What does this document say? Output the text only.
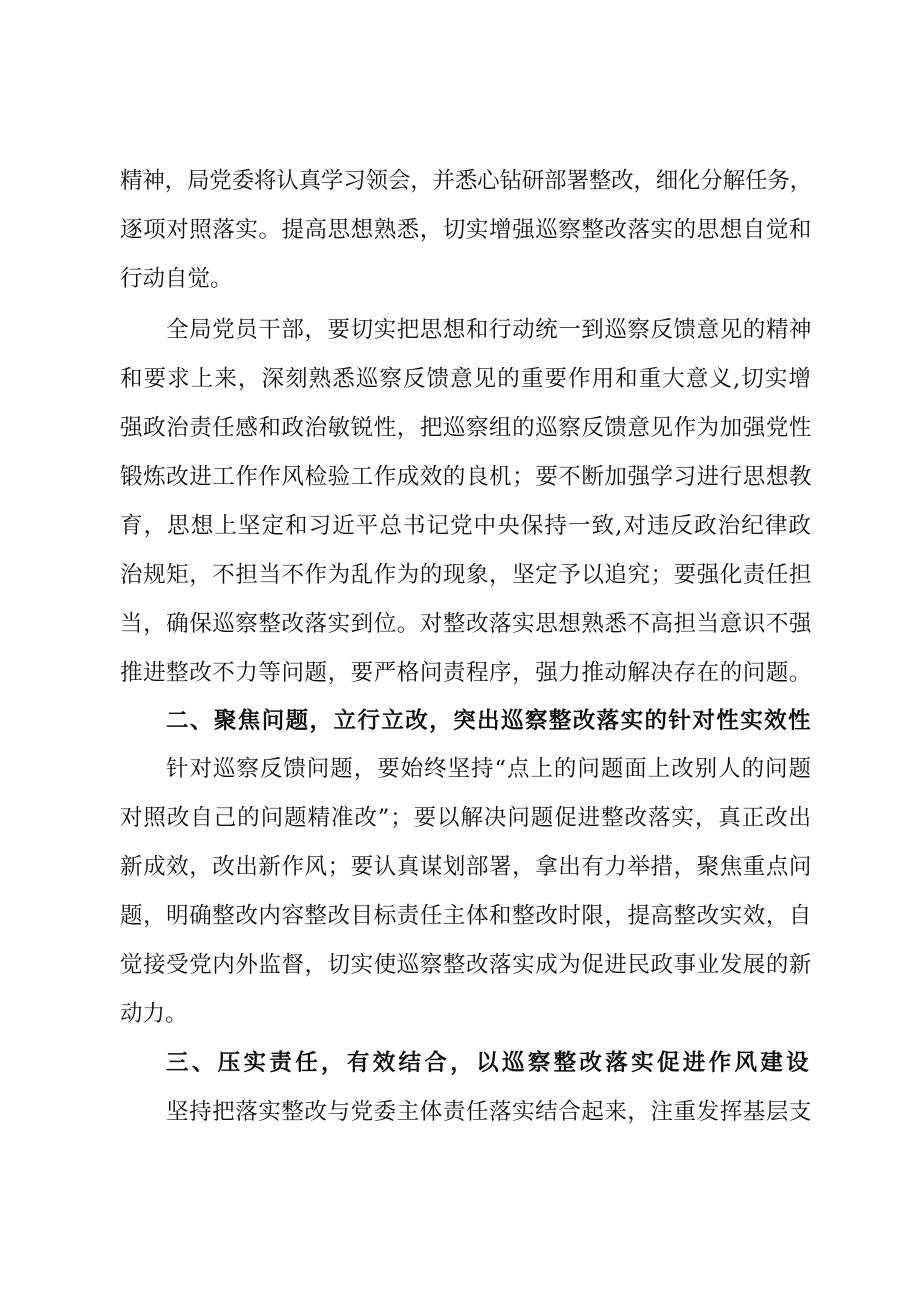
精神，局党委将认真学习领会，并悉心钻研部署整改，细化分解任务，
逐项对照落实。提高思想熟悉，切实增强巡察整改落实的思想自觉和
行动自觉。
全局党员干部，要切实把思想和行动统一到巡察反馈意见的精神
和要求上来，深刻熟悉巡察反馈意见的重要作用和重大意义,切实增
强政治责任感和政治敏锐性，把巡察组的巡察反馈意见作为加强党性
锻炼改进工作作风检验工作成效的良机；要不断加强学习进行思想教
育，思想上坚定和习近平总书记党中央保持一致,对违反政治纪律政
治规矩，不担当不作为乱作为的现象，坚定予以追究；要强化责任担
当，确保巡察整改落实到位。对整改落实思想熟悉不高担当意识不强
推进整改不力等问题，要严格问责程序，强力推动解决存在的问题。
二、聚焦问题，立行立改，突出巡察整改落实的针对性实效性
针对巡察反馈问题，要始终坚持“点上的问题面上改别人的问题
对照改自己的问题精准改”；要以解决问题促进整改落实，真正改出
新成效，改出新作风；要认真谋划部署，拿出有力举措，聚焦重点问
题，明确整改内容整改目标责任主体和整改时限，提高整改实效，自
觉接受党内外监督，切实使巡察整改落实成为促进民政事业发展的新
动力。
三、压实责任，有效结合，以巡察整改落实促进作风建设
坚持把落实整改与党委主体责任落实结合起来，注重发挥基层支
